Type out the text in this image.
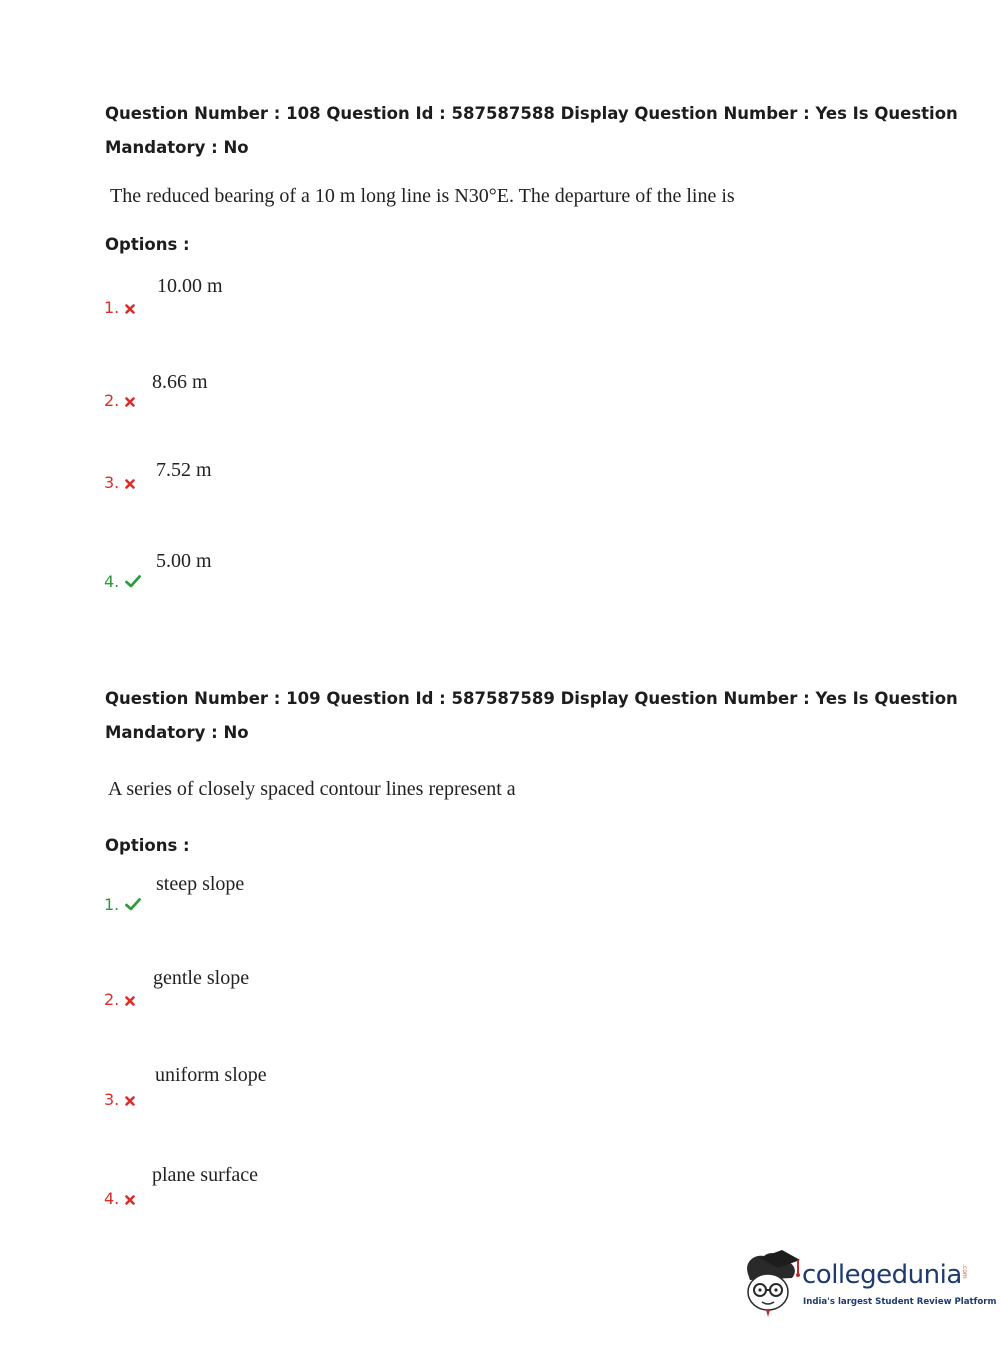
Question Number : 108 Question Id : 587587588 Display Question Number : Yes Is Question
Mandatory : No
The reduced bearing of a 10 m long line is N30°E. The departure of the line is
Options :
10.00 m
1.
8.66 m
2.
7.52 m
3.
5.00 m
4.
Question Number : 109 Question Id : 587587589 Display Question Number : Yes Is Question
Mandatory : No
A series of closely spaced contour lines represent a
Options :
steep slope
1.
gentle slope
2.
uniform slope
3.
plane surface
4.
collegedunia .com
India's largest Student Review Platform
